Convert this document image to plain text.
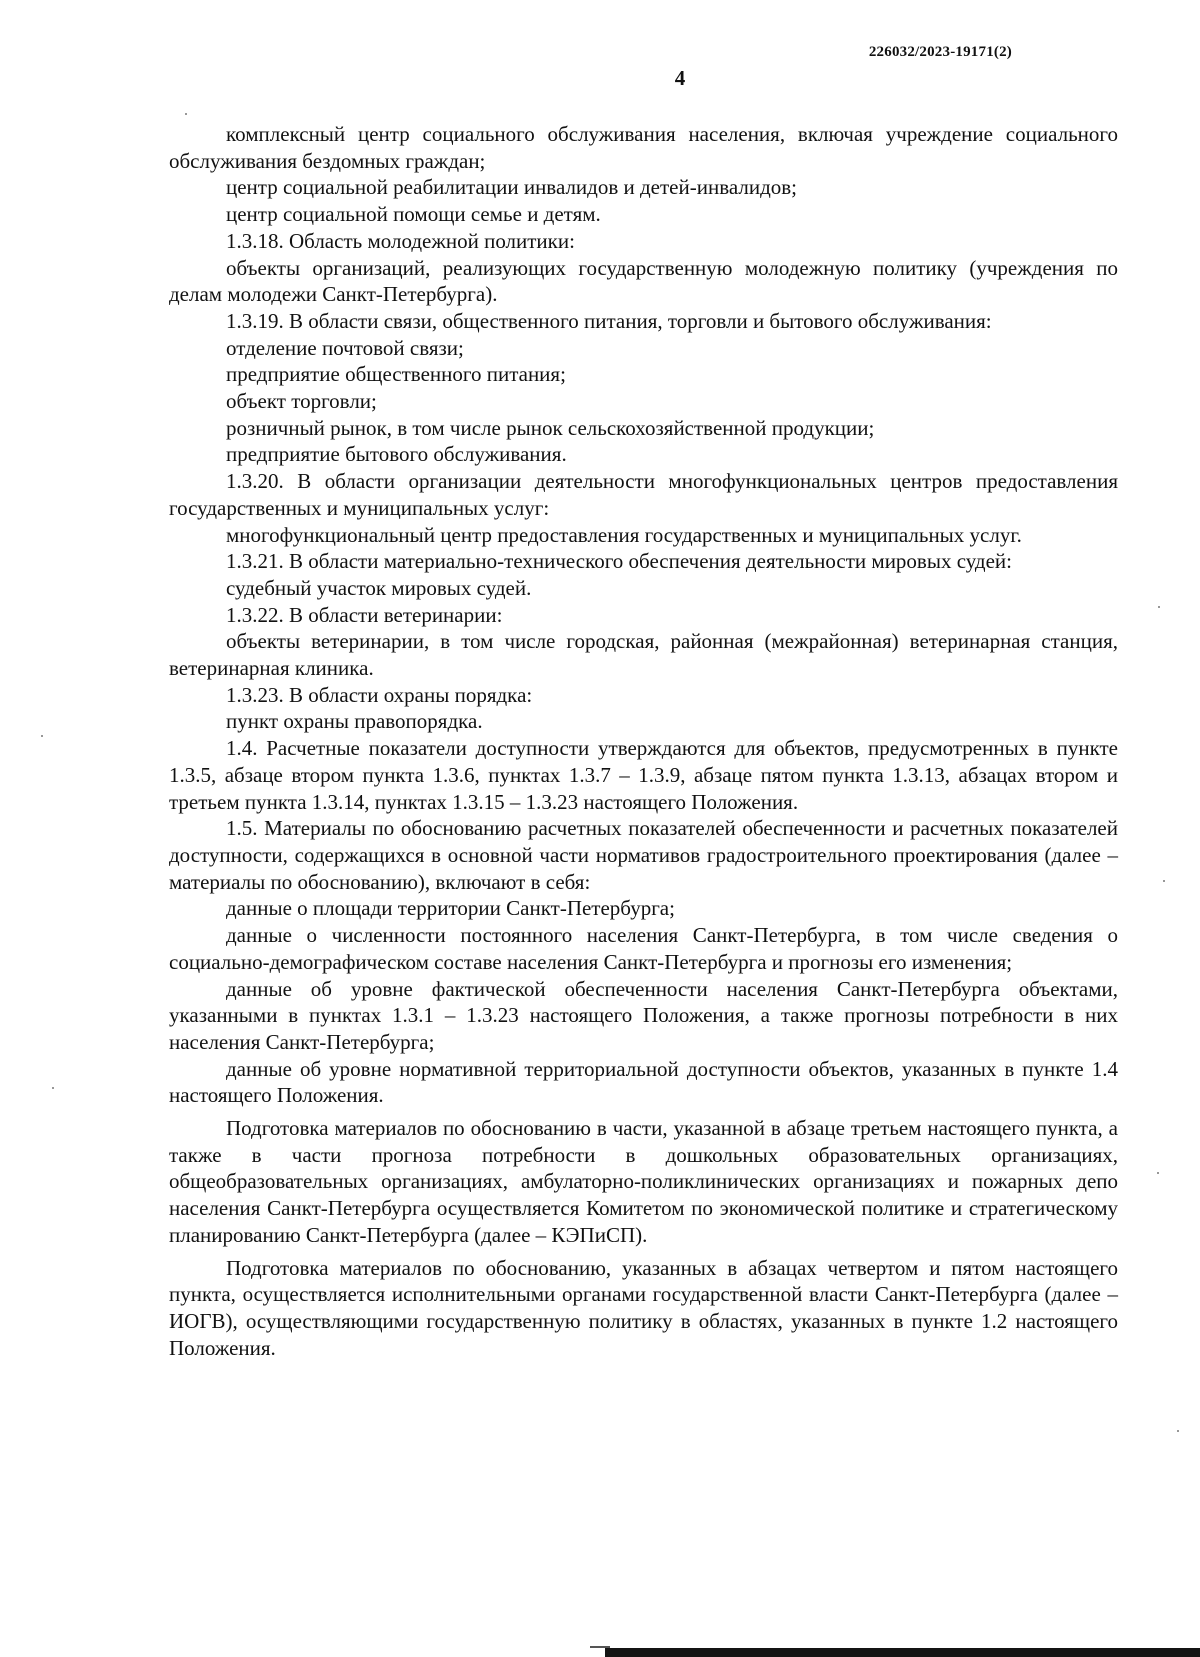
226032/2023-19171(2)
4

комплексный центр социального обслуживания населения, включая учреждение социального обслуживания бездомных граждан;

центр социальной реабилитации инвалидов и детей-инвалидов;

центр социальной помощи семье и детям.

1.3.18. Область молодежной политики:

объекты организаций, реализующих государственную молодежную политику (учреждения по делам молодежи Санкт-Петербурга).

1.3.19. В области связи, общественного питания, торговли и бытового обслуживания:

отделение почтовой связи;

предприятие общественного питания;

объект торговли;

розничный рынок, в том числе рынок сельскохозяйственной продукции;

предприятие бытового обслуживания.

1.3.20. В области организации деятельности многофункциональных центров предоставления государственных и муниципальных услуг:

многофункциональный центр предоставления государственных и муниципальных услуг.

1.3.21. В области материально-технического обеспечения деятельности мировых судей:

судебный участок мировых судей.

1.3.22. В области ветеринарии:

объекты ветеринарии, в том числе городская, районная (межрайонная) ветеринарная станция, ветеринарная клиника.

1.3.23. В области охраны порядка:

пункт охраны правопорядка.

1.4. Расчетные показатели доступности утверждаются для объектов, предусмотренных в пункте 1.3.5, абзаце втором пункта 1.3.6, пунктах 1.3.7 – 1.3.9, абзаце пятом пункта 1.3.13, абзацах втором и третьем пункта 1.3.14, пунктах 1.3.15 – 1.3.23 настоящего Положения.

1.5. Материалы по обоснованию расчетных показателей обеспеченности и расчетных показателей доступности, содержащихся в основной части нормативов градостроительного проектирования (далее – материалы по обоснованию), включают в себя:

данные о площади территории Санкт-Петербурга;

данные о численности постоянного населения Санкт-Петербурга, в том числе сведения о социально-демографическом составе населения Санкт-Петербурга и прогнозы его изменения;

данные об уровне фактической обеспеченности населения Санкт-Петербурга объектами, указанными в пунктах 1.3.1 – 1.3.23 настоящего Положения, а также прогнозы потребности в них населения Санкт-Петербурга;

данные об уровне нормативной территориальной доступности объектов, указанных в пункте 1.4 настоящего Положения.

Подготовка материалов по обоснованию в части, указанной в абзаце третьем настоящего пункта, а также в части прогноза потребности в дошкольных образовательных организациях, общеобразовательных организациях, амбулаторно-поликлинических организациях и пожарных депо населения Санкт-Петербурга осуществляется Комитетом по экономической политике и стратегическому планированию Санкт-Петербурга (далее – КЭПиСП).

Подготовка материалов по обоснованию, указанных в абзацах четвертом и пятом настоящего пункта, осуществляется исполнительными органами государственной власти Санкт-Петербурга (далее – ИОГВ), осуществляющими государственную политику в областях, указанных в пункте 1.2 настоящего Положения.
